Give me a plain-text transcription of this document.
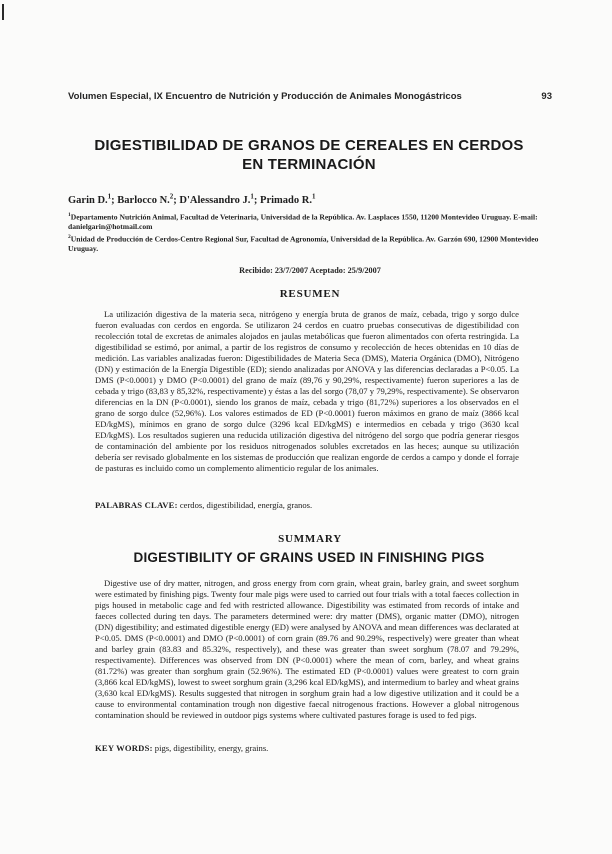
Volumen Especial, IX Encuentro de Nutrición y Producción de Animales Monogástricos	93
DIGESTIBILIDAD DE GRANOS DE CEREALES EN CERDOS
EN TERMINACIÓN
Garin D.$^1$; Barlocco N.$^2$; D'Alessandro J.$^1$; Primado R.$^1$

$^1$Departamento Nutrición Animal, Facultad de Veterinaria, Universidad de la República. Av. Lasplaces 1550, 11200 Montevideo Uruguay. E-mail: danielgarin@hotmail.com

$^2$Unidad de Producción de Cerdos-Centro Regional Sur, Facultad de Agronomía, Universidad de la República. Av. Garzón 690, 12900 Montevideo Uruguay.

Recibido: 23/7/2007 Aceptado: 25/9/2007
RESUMEN

La utilización digestiva de la materia seca, nitrógeno y energía bruta de granos de maíz, cebada, trigo y sorgo dulce fueron evaluadas con cerdos en engorda. Se utilizaron 24 cerdos en cuatro pruebas consecutivas de digestibilidad con recolección total de excretas de animales alojados en jaulas metabólicas que fueron alimentados con oferta restringida. La digestibilidad se estimó, por animal, a partir de los registros de consumo y recolección de heces obtenidas en 10 días de medición. Las variables analizadas fueron: Digestibilidades de Materia Seca (DMS), Materia Orgánica (DMO), Nitrógeno (DN) y estimación de la Energía Digestible (ED); siendo analizadas por ANOVA y las diferencias declaradas a P<0.05. La DMS (P<0.0001) y DMO (P<0.0001) del grano de maíz (89,76 y 90,29%, respectivamente) fueron superiores a las de cebada y trigo (83,83 y 85,32%, respectivamente) y éstas a las del sorgo (78,07 y 79,29%, respectivamente). Se observaron diferencias en la DN (P<0.0001), siendo los granos de maíz, cebada y trigo (81,72%) superiores a los observados en el grano de sorgo dulce (52,96%). Los valores estimados de ED (P<0.0001) fueron máximos en grano de maíz (3866 kcal ED/kgMS), mínimos en grano de sorgo dulce (3296 kcal ED/kgMS) e intermedios en cebada y trigo (3630 kcal ED/kgMS). Los resultados sugieren una reducida utilización digestiva del nitrógeno del sorgo que podría generar riesgos de contaminación del ambiente por los residuos nitrogenados solubles excretados en las heces; aunque su utilización debería ser revisado globalmente en los sistemas de producción que realizan engorde de cerdos a campo y donde el forraje de pasturas es incluido como un complemento alimenticio regular de los animales.

PALABRAS CLAVE: cerdos, digestibilidad, energía, granos.
SUMMARY
DIGESTIBILITY OF GRAINS USED IN FINISHING PIGS

Digestive use of dry matter, nitrogen, and gross energy from corn grain, wheat grain, barley grain, and sweet sorghum were estimated by finishing pigs. Twenty four male pigs were used to carried out four trials with a total faeces collection in pigs housed in metabolic cage and fed with restricted allowance. Digestibility was estimated from records of intake and faeces collected during ten days. The parameters determined were: dry matter (DMS), organic matter (DMO), nitrogen (DN) digestibility; and estimated digestible energy (ED) were analysed by ANOVA and mean differences was declarated at P<0.05. DMS (P<0.0001) and DMO (P<0.0001) of corn grain (89.76 and 90.29%, respectively) were greater than wheat and barley grain (83.83 and 85.32%, respectively), and these was greater than sweet sorghum (78.07 and 79.29%, respectivamente). Differences was observed from DN (P<0.0001) where the mean of corn, barley, and wheat grains (81.72%) was greater than sorghum grain (52.96%). The estimated ED (P<0.0001) values were greatest to corn grain (3,866 kcal ED/kgMS), lowest to sweet sorghum grain (3,296 kcal ED/kgMS), and intermedium to barley and wheat grains (3,630 kcal ED/kgMS). Results suggested that nitrogen in sorghum grain had a low digestive utilization and it could be a cause to environmental contamination trough non digestive faecal nitrogenous fractions. However a global nitrogenous contamination should be reviewed in outdoor pigs systems where cultivated pastures forage is used to fed pigs.

KEY WORDS: pigs, digestibility, energy, grains.
